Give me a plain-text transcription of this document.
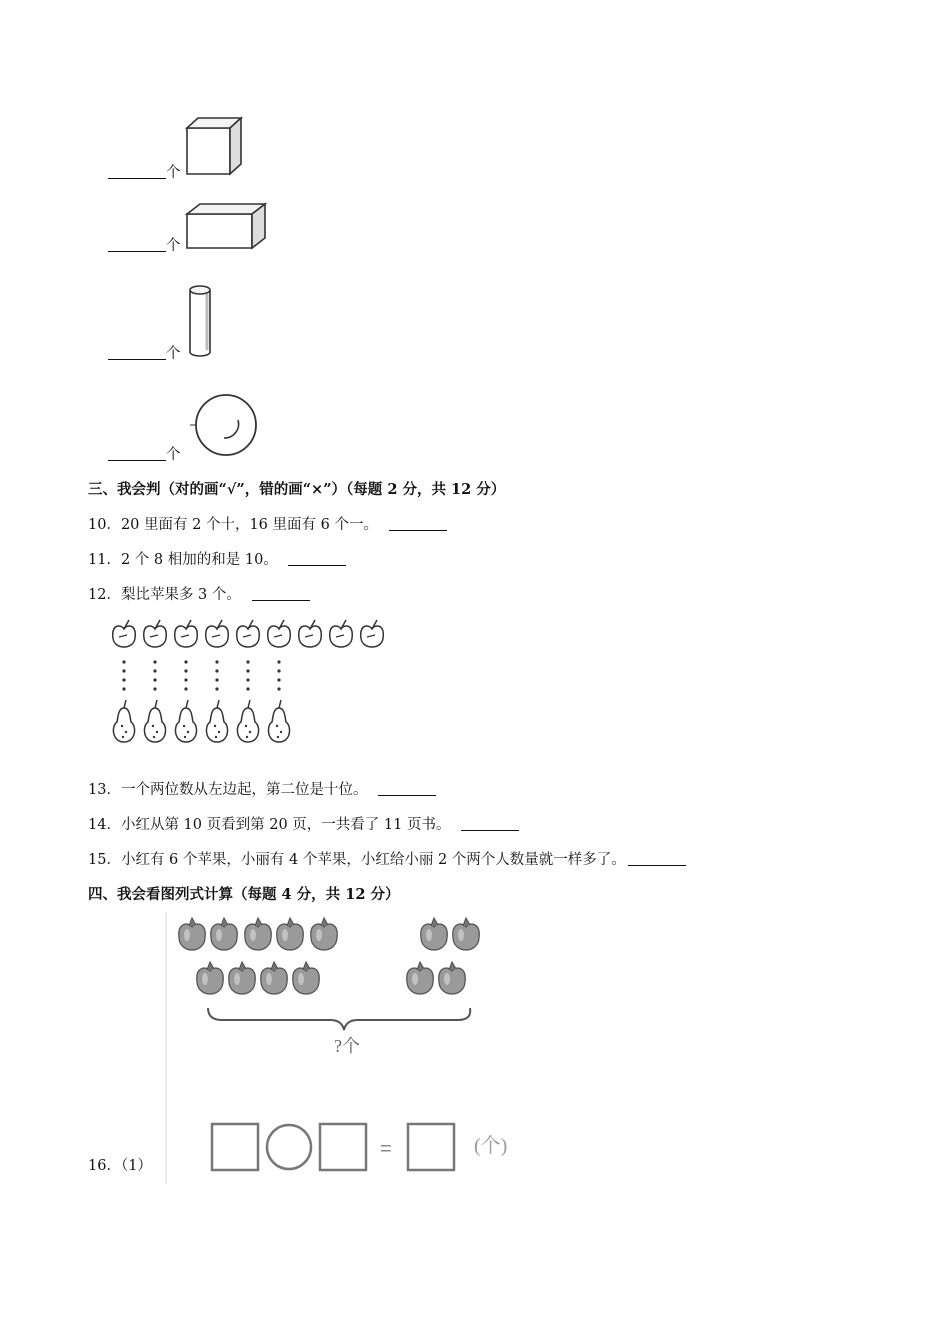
个
个
个
个
三、我会判（对的画“√”，错的画“×”）（每题 2 分，共 12 分）
10．20 里面有 2 个十，16 里面有 6 个一。
11．2 个 8 相加的和是 10。
12．梨比苹果多 3 个。
13．一个两位数从左边起，第二位是十位。
14．小红从第 10 页看到第 20 页，一共看了 11 页书。
15．小红有 6 个苹果，小丽有 4 个苹果，小红给小丽 2 个两个人数量就一样多了。
四、我会看图列式计算（每题 4 分，共 12 分）
?个
=	(个)
16．（1）
